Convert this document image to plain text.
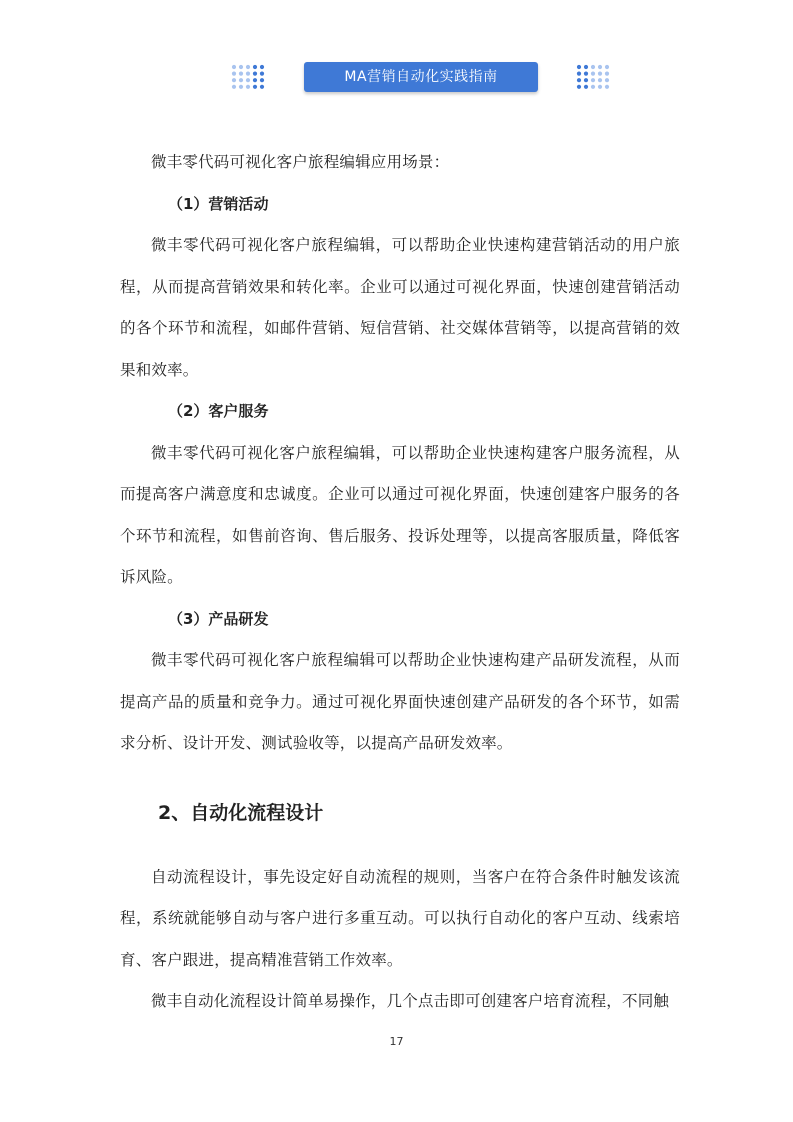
MA营销自动化实践指南

微丰零代码可视化客户旅程编辑应用场景：

（1）营销活动

微丰零代码可视化客户旅程编辑，可以帮助企业快速构建营销活动的用户旅程，从而提高营销效果和转化率。企业可以通过可视化界面，快速创建营销活动的各个环节和流程，如邮件营销、短信营销、社交媒体营销等，以提高营销的效果和效率。

（2）客户服务

微丰零代码可视化客户旅程编辑，可以帮助企业快速构建客户服务流程，从而提高客户满意度和忠诚度。企业可以通过可视化界面，快速创建客户服务的各个环节和流程，如售前咨询、售后服务、投诉处理等，以提高客服质量，降低客诉风险。

（3）产品研发

微丰零代码可视化客户旅程编辑可以帮助企业快速构建产品研发流程，从而提高产品的质量和竞争力。通过可视化界面快速创建产品研发的各个环节，如需求分析、设计开发、测试验收等，以提高产品研发效率。

2、自动化流程设计

自动流程设计，事先设定好自动流程的规则，当客户在符合条件时触发该流程，系统就能够自动与客户进行多重互动。可以执行自动化的客户互动、线索培育、客户跟进，提高精准营销工作效率。

微丰自动化流程设计简单易操作，几个点击即可创建客户培育流程，不同触

17
